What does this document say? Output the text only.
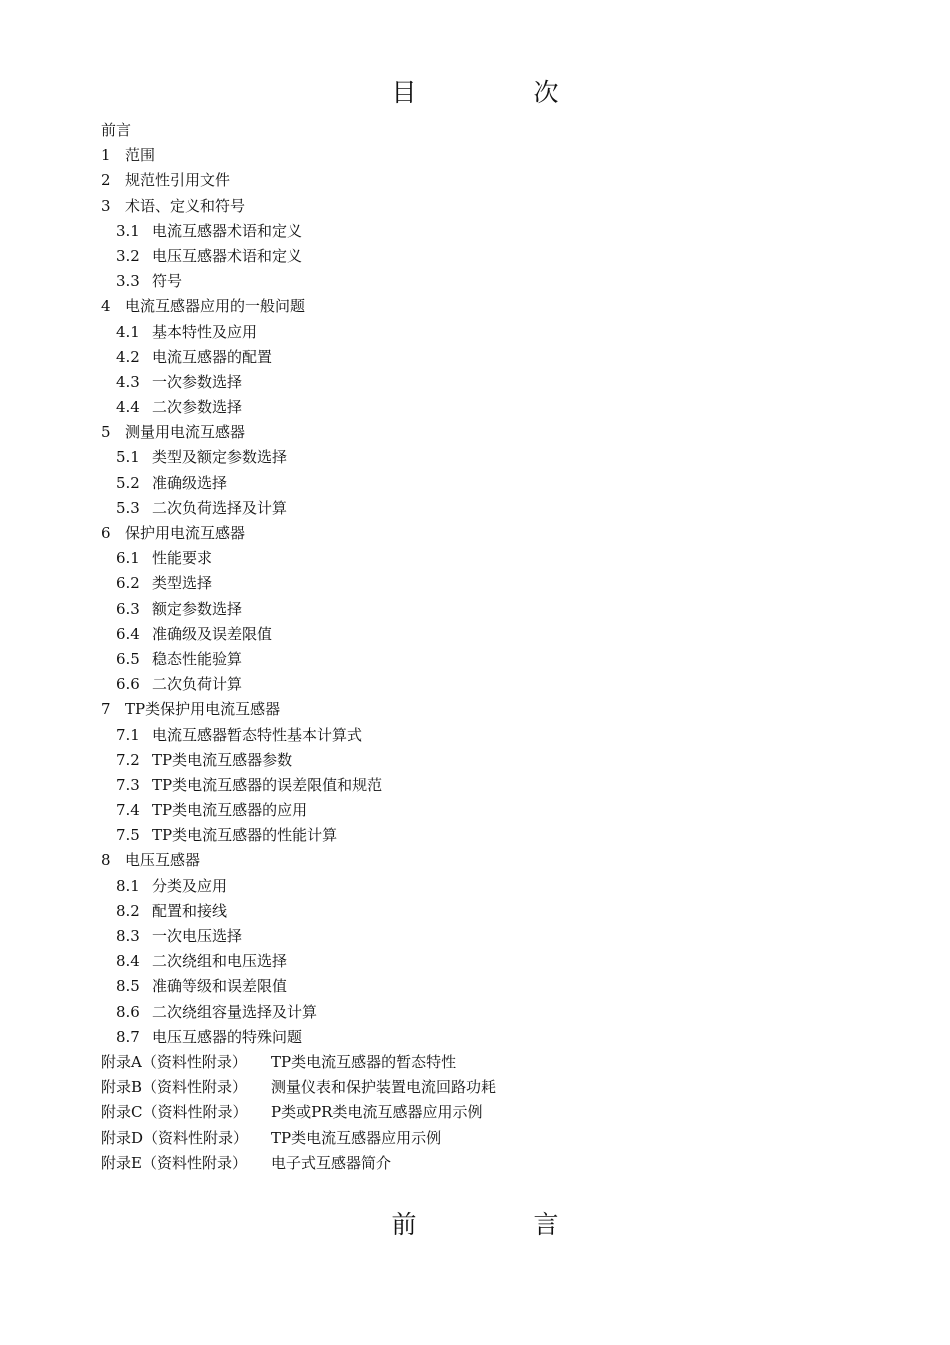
目　次
前言
1 范围
2 规范性引用文件
3 术语、定义和符号
3.1 电流互感器术语和定义
3.2 电压互感器术语和定义
3.3 符号
4 电流互感器应用的一般问题
4.1 基本特性及应用
4.2 电流互感器的配置
4.3 一次参数选择
4.4 二次参数选择
5 测量用电流互感器
5.1 类型及额定参数选择
5.2 准确级选择
5.3 二次负荷选择及计算
6 保护用电流互感器
6.1 性能要求
6.2 类型选择
6.3 额定参数选择
6.4 准确级及误差限值
6.5 稳态性能验算
6.6 二次负荷计算
7 TP类保护用电流互感器
7.1 电流互感器暂态特性基本计算式
7.2 TP类电流互感器参数
7.3 TP类电流互感器的误差限值和规范
7.4 TP类电流互感器的应用
7.5 TP类电流互感器的性能计算
8 电压互感器
8.1 分类及应用
8.2 配置和接线
8.3 一次电压选择
8.4 二次绕组和电压选择
8.5 准确等级和误差限值
8.6 二次绕组容量选择及计算
8.7 电压互感器的特殊问题
附录A（资料性附录）	TP类电流互感器的暂态特性
附录B（资料性附录）	测量仪表和保护装置电流回路功耗
附录C（资料性附录）	P类或PR类电流互感器应用示例
附录D（资料性附录）	TP类电流互感器应用示例
附录E（资料性附录）	电子式互感器简介
前　言
